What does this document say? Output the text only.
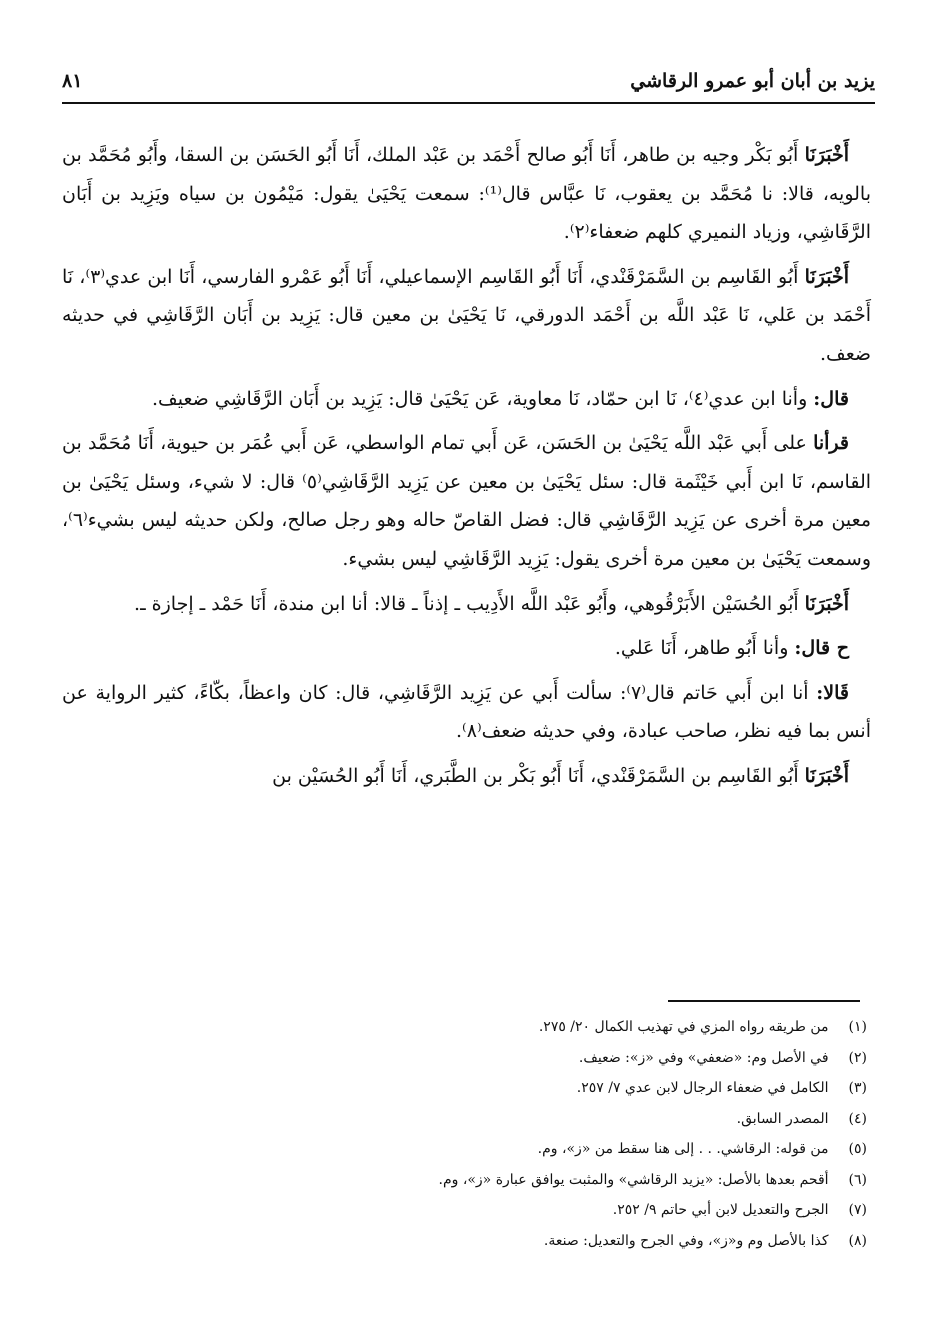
يزيد بن أبان أبو عمرو الرقاشي
٨١

أَخْبَرَنَا أَبُو بَكْر وجيه بن طاهر، أَنَا أَبُو صالح أَحْمَد بن عَبْد الملك، أَنَا أَبُو الحَسَن بن السقا، وأَبُو مُحَمَّد بن بالويه، قالا: نا مُحَمَّد بن يعقوب، نَا عبَّاس قال⁽¹⁾: سمعت يَحْيَىٰ يقول: مَيْمُون بن سياه ويَزِيد بن أَبَان الرَّقَاشِي، وزياد النميري كلهم ضعفاء⁽٢⁾.

أَخْبَرَنَا أَبُو القَاسِم بن السَّمَرْقَنْدي، أَنَا أَبُو القَاسِم الإسماعيلي، أَنَا أَبُو عَمْرو الفارسي، أَنَا ابن عدي⁽٣⁾، نَا أَحْمَد بن عَلي، نَا عَبْد اللَّه بن أَحْمَد الدورقي، نَا يَحْيَىٰ بن معين قال: يَزِيد بن أَبَان الرَّقَاشِي في حديثه ضعف.

قال: وأنا ابن عدي⁽٤⁾، نَا ابن حمّاد، نَا معاوية، عَن يَحْيَىٰ قال: يَزِيد بن أَبَان الرَّقَاشِي ضعيف.

قرأنا على أَبي عَبْد اللَّه يَحْيَىٰ بن الحَسَن، عَن أَبي تمام الواسطي، عَن أَبي عُمَر بن حيوية، أَنَا مُحَمَّد بن القاسم، نَا ابن أَبي خَيْثَمة قال: سئل يَحْيَىٰ بن معين عن يَزِيد الرَّقَاشِي⁽٥⁾ قال: لا شيء، وسئل يَحْيَىٰ بن معين مرة أخرى عن يَزِيد الرَّقَاشِي قال: فضل القاصّ حاله وهو رجل صالح، ولكن حديثه ليس بشيء⁽٦⁾، وسمعت يَحْيَىٰ بن معين مرة أخرى يقول: يَزِيد الرَّقَاشِي ليس بشيء.

أَخْبَرَنَا أَبُو الحُسَيْن الأَبَرْقُوهي، وأَبُو عَبْد اللَّه الأَدِيب ـ إذناً ـ قالا: أنا ابن مندة، أَنَا حَمْد ـ إجازة ـ.

ح قال: وأنا أَبُو طاهر، أَنَا عَلي.

قَالا: أنا ابن أَبي حَاتم قال⁽٧⁾: سألت أَبي عن يَزِيد الرَّقَاشِي، قال: كان واعظاً، بكّاءً، كثير الرواية عن أنس بما فيه نظر، صاحب عبادة، وفي حديثه ضعف⁽٨⁾.

أَخْبَرَنَا أَبُو القَاسِم بن السَّمَرْقَنْدي، أَنَا أَبُو بَكْر بن الطَّبَري، أَنَا أَبُو الحُسَيْن بن

(١) من طريقه رواه المزي في تهذيب الكمال ٢٠/ ٢٧٥.
(٢) في الأصل وم: «ضعفي» وفي «ز»: ضعيف.
(٣) الكامل في ضعفاء الرجال لابن عدي ٧/ ٢٥٧.
(٤) المصدر السابق.
(٥) من قوله: الرقاشي. . . إلى هنا سقط من «ز»، وم.
(٦) أقحم بعدها بالأصل: «يزيد الرقاشي» والمثبت يوافق عبارة «ز»، وم.
(٧) الجرح والتعديل لابن أبي حاتم ٩/ ٢٥٢.
(٨) كذا بالأصل وم و«ز»، وفي الجرح والتعديل: صنعة.
